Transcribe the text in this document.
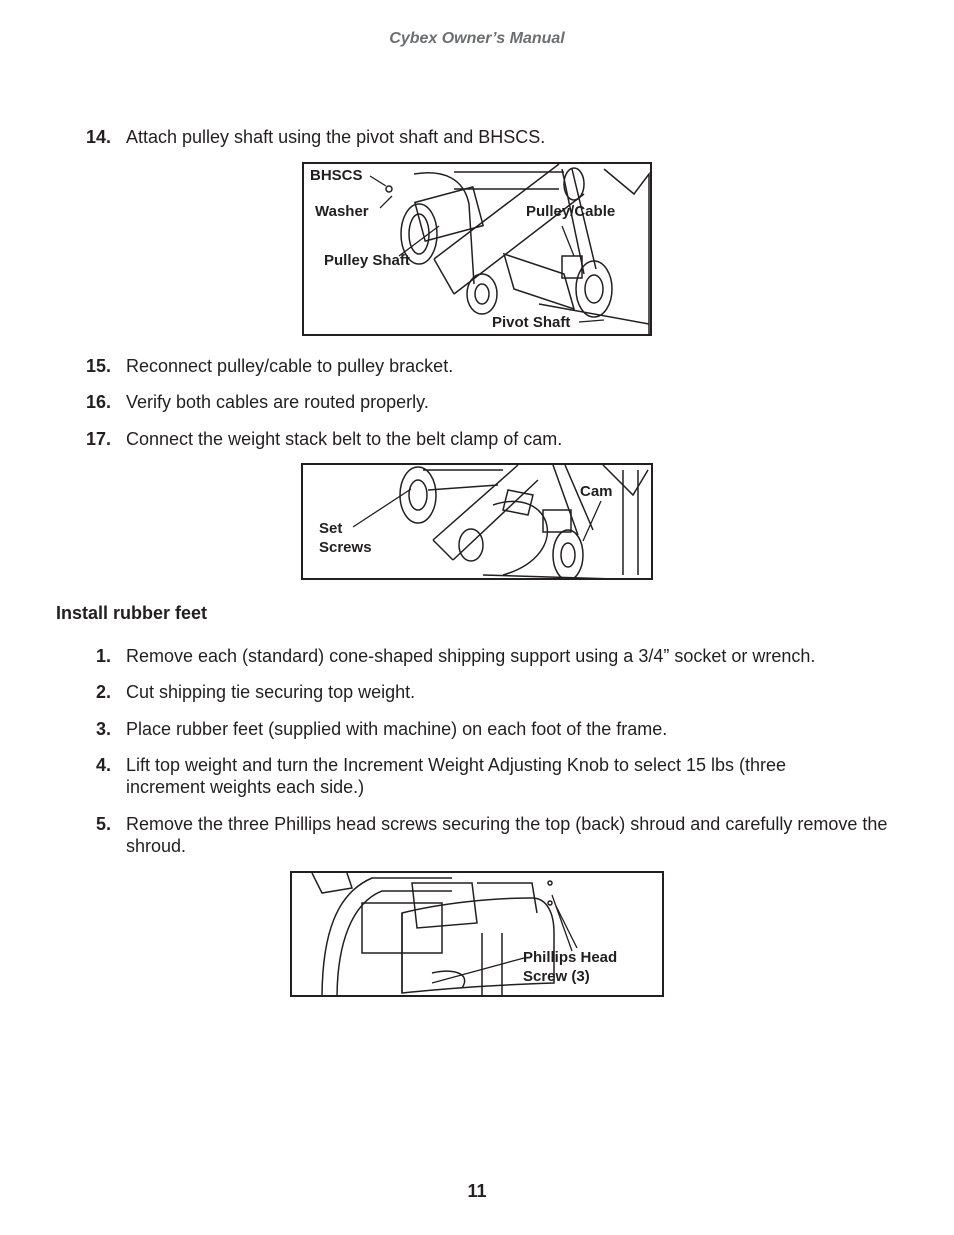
Cybex Owner’s Manual
14. Attach pulley shaft using the pivot shaft and BHSCS.
BHSCS
Washer
Pulley Shaft
Pulley/Cable
Pivot Shaft
15. Reconnect pulley/cable to pulley bracket.
16. Verify both cables are routed properly.
17. Connect the weight stack belt to the belt clamp of cam.
Set
Screws
Cam
Install rubber feet
1. Remove each (standard) cone-shaped shipping support using a 3/4” socket or wrench.
2. Cut shipping tie securing top weight.
3. Place rubber feet (supplied with machine) on each foot of the frame.
4. Lift top weight and turn the Increment Weight Adjusting Knob to select 15 lbs (three increment weights each side.)
5. Remove the three Phillips head screws securing the top (back) shroud and carefully remove the shroud.
Phillips Head
Screw (3)
11
